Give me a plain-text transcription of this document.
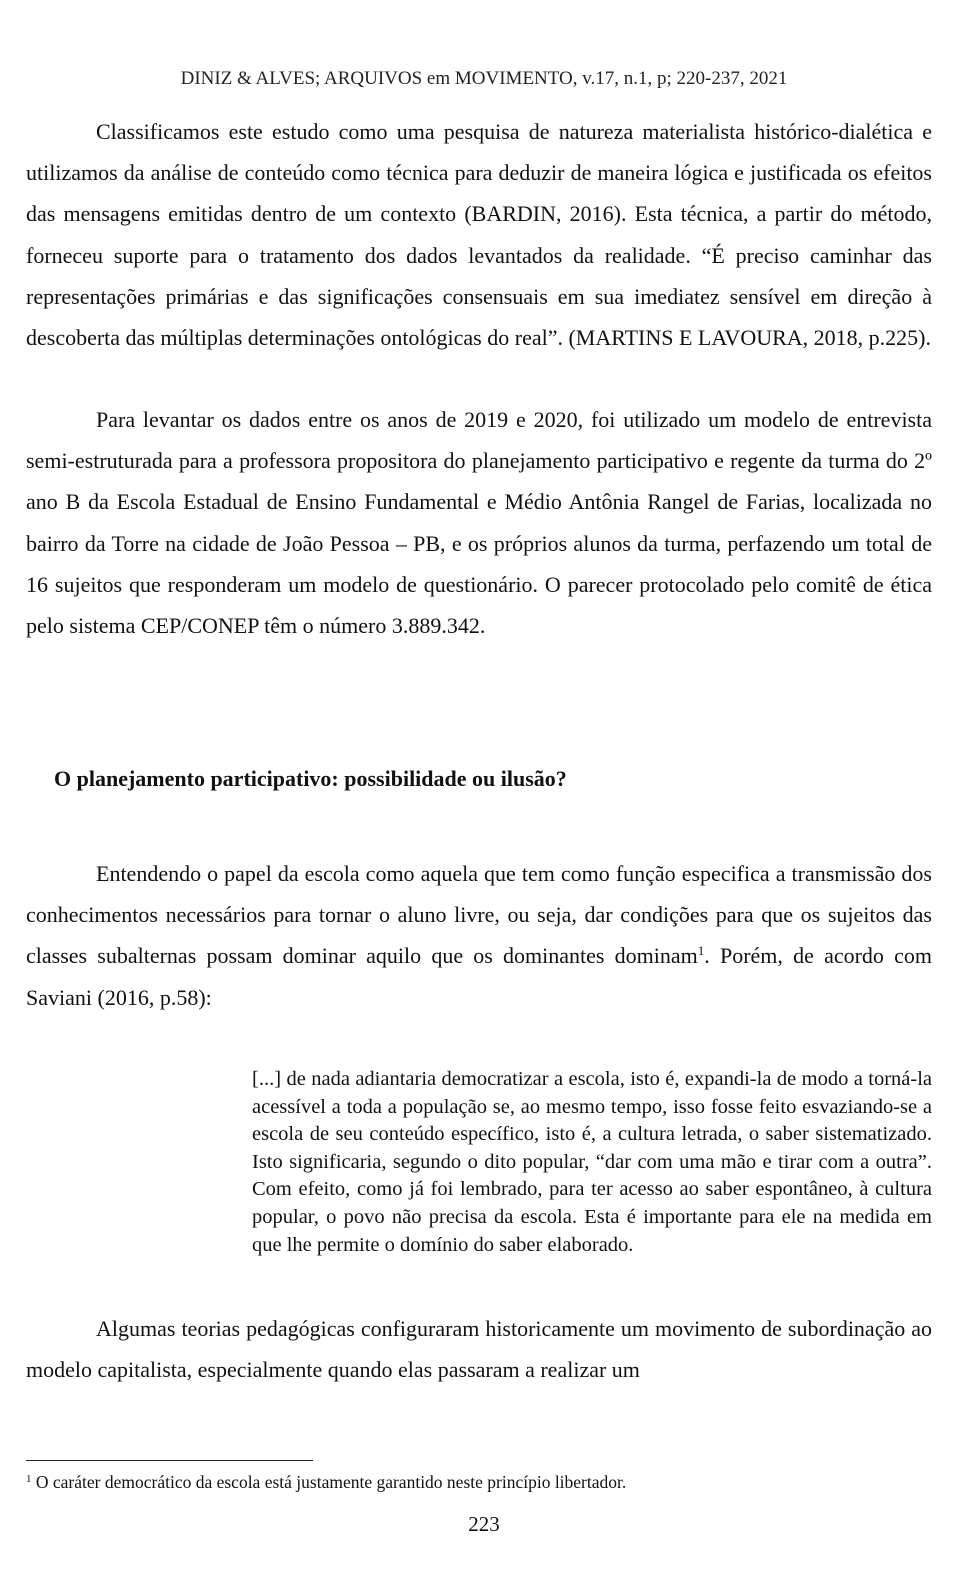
DINIZ & ALVES; ARQUIVOS em MOVIMENTO, v.17, n.1, p; 220-237, 2021

Classificamos este estudo como uma pesquisa de natureza materialista histórico-dialética e utilizamos da análise de conteúdo como técnica para deduzir de maneira lógica e justificada os efeitos das mensagens emitidas dentro de um contexto (BARDIN, 2016). Esta técnica, a partir do método, forneceu suporte para o tratamento dos dados levantados da realidade. “É preciso caminhar das representações primárias e das significações consensuais em sua imediatez sensível em direção à descoberta das múltiplas determinações ontológicas do real”. (MARTINS E LAVOURA, 2018, p.225).

Para levantar os dados entre os anos de 2019 e 2020, foi utilizado um modelo de entrevista semi-estruturada para a professora propositora do planejamento participativo e regente da turma do 2º ano B da Escola Estadual de Ensino Fundamental e Médio Antônia Rangel de Farias, localizada no bairro da Torre na cidade de João Pessoa – PB, e os próprios alunos da turma, perfazendo um total de 16 sujeitos que responderam um modelo de questionário. O parecer protocolado pelo comitê de ética pelo sistema CEP/CONEP têm o número 3.889.342.

O planejamento participativo: possibilidade ou ilusão?

Entendendo o papel da escola como aquela que tem como função especifica a transmissão dos conhecimentos necessários para tornar o aluno livre, ou seja, dar condições para que os sujeitos das classes subalternas possam dominar aquilo que os dominantes dominam$^1$. Porém, de acordo com Saviani (2016, p.58):

[...] de nada adiantaria democratizar a escola, isto é, expandi-la de modo a torná-la acessível a toda a população se, ao mesmo tempo, isso fosse feito esvaziando-se a escola de seu conteúdo específico, isto é, a cultura letrada, o saber sistematizado. Isto significaria, segundo o dito popular, “dar com uma mão e tirar com a outra”. Com efeito, como já foi lembrado, para ter acesso ao saber espontâneo, à cultura popular, o povo não precisa da escola. Esta é importante para ele na medida em que lhe permite o domínio do saber elaborado.

Algumas teorias pedagógicas configuraram historicamente um movimento de subordinação ao modelo capitalista, especialmente quando elas passaram a realizar um

$^1$ O caráter democrático da escola está justamente garantido neste princípio libertador.

223
